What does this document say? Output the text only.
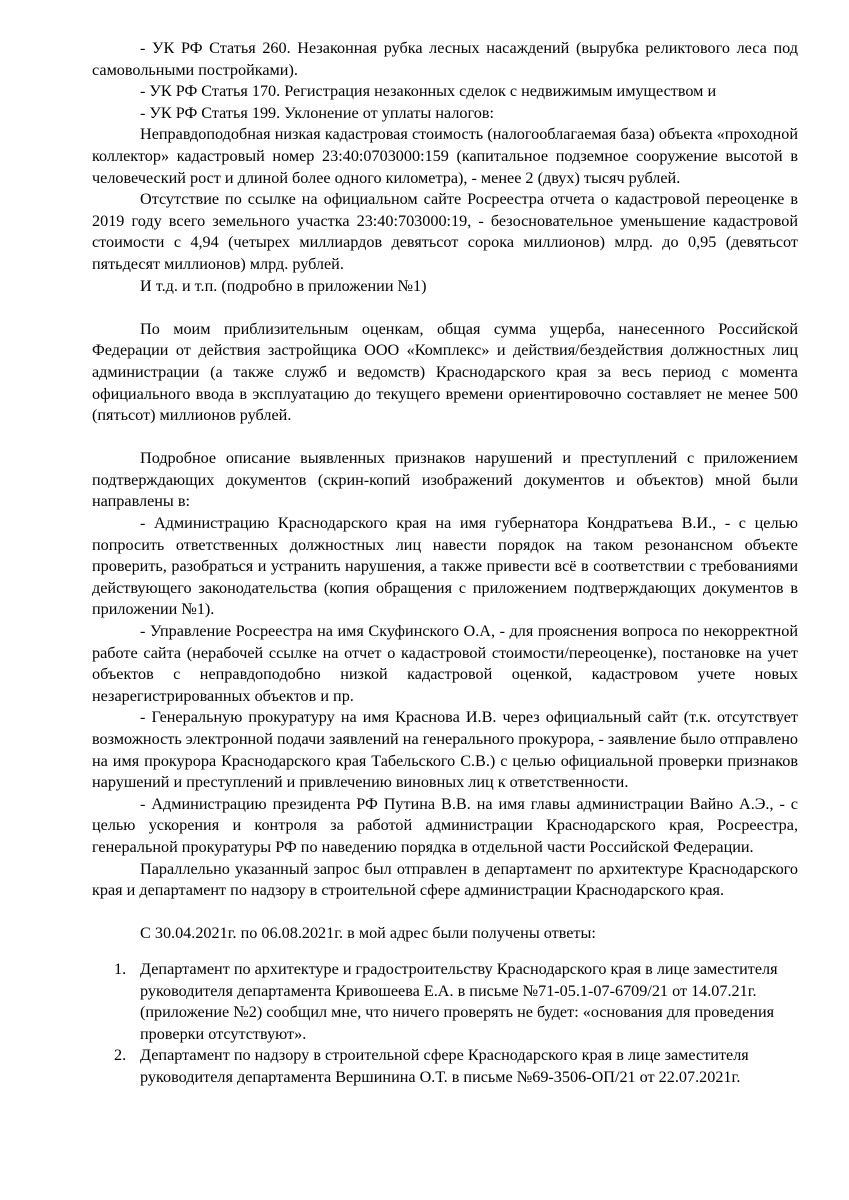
- УК РФ Статья 260. Незаконная рубка лесных насаждений (вырубка реликтового леса под самовольными постройками).

- УК РФ Статья 170. Регистрация незаконных сделок с недвижимым имуществом и

- УК РФ Статья 199. Уклонение от уплаты налогов:

Неправдоподобная низкая кадастровая стоимость (налогооблагаемая база) объекта «проходной коллектор» кадастровый номер 23:40:0703000:159 (капитальное подземное сооружение высотой в человеческий рост и длиной более одного километра), - менее 2 (двух) тысяч рублей.

Отсутствие по ссылке на официальном сайте Росреестра отчета о кадастровой переоценке в 2019 году всего земельного участка 23:40:703000:19, - безосновательное уменьшение кадастровой стоимости с 4,94 (четырех миллиардов девятьсот сорока миллионов) млрд. до 0,95 (девятьсот пятьдесят миллионов) млрд. рублей.

И т.д. и т.п. (подробно в приложении №1)

По моим приблизительным оценкам, общая сумма ущерба, нанесенного Российской Федерации от действия застройщика ООО «Комплекс» и действия/бездействия должностных лиц администрации (а также служб и ведомств) Краснодарского края за весь период с момента официального ввода в эксплуатацию до текущего времени ориентировочно составляет не менее 500 (пятьсот) миллионов рублей.

Подробное описание выявленных признаков нарушений и преступлений с приложением подтверждающих документов (скрин-копий изображений документов и объектов) мной были направлены в:

- Администрацию Краснодарского края на имя губернатора Кондратьева В.И., - с целью попросить ответственных должностных лиц навести порядок на таком резонансном объекте проверить, разобраться и устранить нарушения, а также привести всё в соответствии с требованиями действующего законодательства (копия обращения с приложением подтверждающих документов в приложении №1).

- Управление Росреестра на имя Скуфинского О.А, - для прояснения вопроса по некорректной работе сайта (нерабочей ссылке на отчет о кадастровой стоимости/переоценке), постановке на учет объектов с неправдоподобно низкой кадастровой оценкой, кадастровом учете новых незарегистрированных объектов и пр.

- Генеральную прокуратуру на имя Краснова И.В. через официальный сайт (т.к. отсутствует возможность электронной подачи заявлений на генерального прокурора, - заявление было отправлено на имя прокурора Краснодарского края Табельского С.В.) с целью официальной проверки признаков нарушений и преступлений и привлечению виновных лиц к ответственности.

- Администрацию президента РФ Путина В.В. на имя главы администрации Вайно А.Э., - с целью ускорения и контроля за работой администрации Краснодарского края, Росреестра, генеральной прокуратуры РФ по наведению порядка в отдельной части Российской Федерации.

Параллельно указанный запрос был отправлен в департамент по архитектуре Краснодарского края и департамент по надзору в строительной сфере администрации Краснодарского края.

С 30.04.2021г. по 06.08.2021г. в мой адрес были получены ответы:

1. Департамент по архитектуре и градостроительству Краснодарского края в лице заместителя руководителя департамента Кривошеева Е.А. в письме №71-05.1-07-6709/21 от 14.07.21г. (приложение №2) сообщил мне, что ничего проверять не будет: «основания для проведения проверки отсутствуют».
2. Департамент по надзору в строительной сфере Краснодарского края в лице заместителя руководителя департамента Вершинина О.Т. в письме №69-3506-ОП/21 от 22.07.2021г.
